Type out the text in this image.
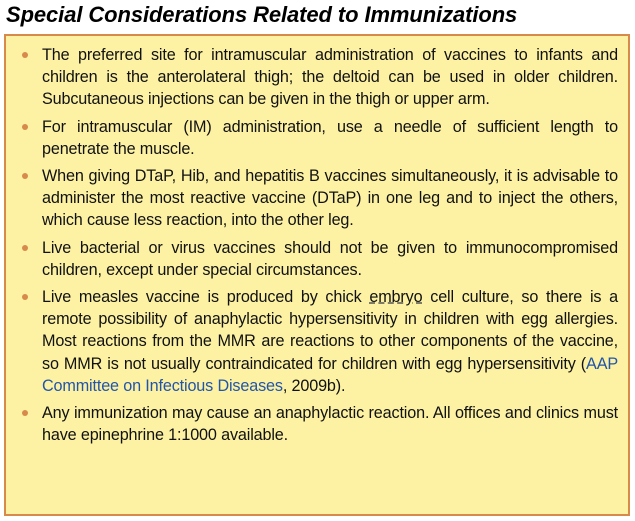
Special Considerations Related to Immunizations
The preferred site for intramuscular administration of vaccines to infants and children is the anterolateral thigh; the deltoid can be used in older children. Subcutaneous injections can be given in the thigh or upper arm.
For intramuscular (IM) administration, use a needle of sufficient length to penetrate the muscle.
When giving DTaP, Hib, and hepatitis B vaccines simultaneously, it is advisable to administer the most reactive vaccine (DTaP) in one leg and to inject the others, which cause less reaction, into the other leg.
Live bacterial or virus vaccines should not be given to immunocompromised children, except under special circumstances.
Live measles vaccine is produced by chick embryo cell culture, so there is a remote possibility of anaphylactic hypersensitivity in children with egg allergies. Most reactions from the MMR are reactions to other components of the vaccine, so MMR is not usually contraindicated for children with egg hypersensitivity (AAP Committee on Infectious Diseases, 2009b).
Any immunization may cause an anaphylactic reaction. All offices and clinics must have epinephrine 1:1000 available.
